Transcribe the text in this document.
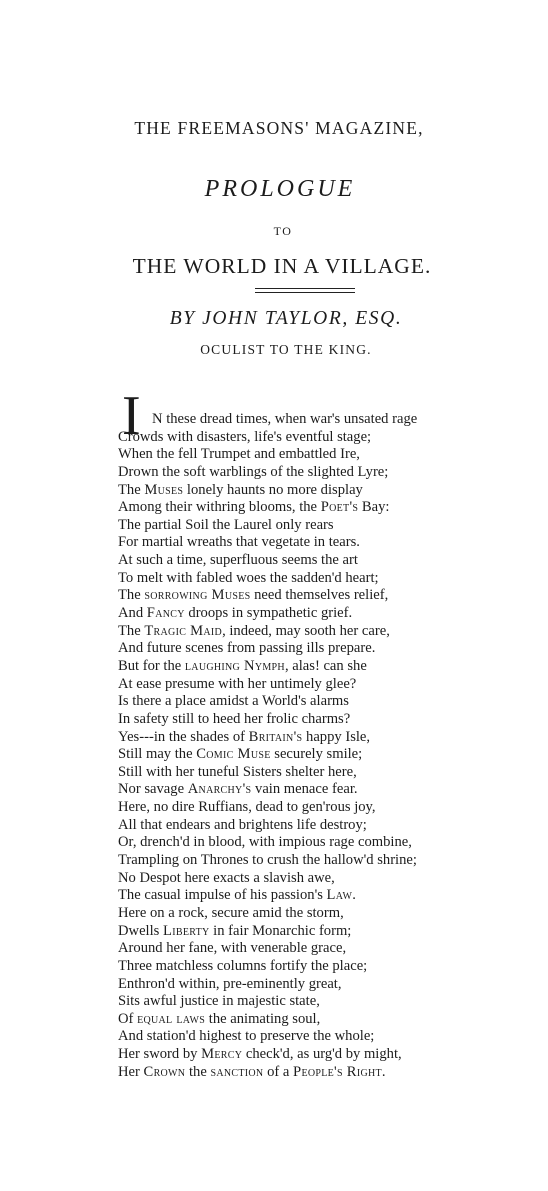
THE FREEMASONS' MAGAZINE,
PROLOGUE
TO
THE WORLD IN A VILLAGE.
BY JOHN TAYLOR, ESQ.
OCULIST TO THE KING.
I N these dread times, when war's unsated rage
Crowds with disasters, life's eventful stage;
When the fell Trumpet and embattled Ire,
Drown the soft warblings of the slighted Lyre;
The Muses lonely haunts no more display
Among their withring blooms, the Poet's Bay:
The partial Soil the Laurel only rears
For martial wreaths that vegetate in tears.
At such a time, superfluous seems the art
To melt with fabled woes the sadden'd heart;
The sorrowing Muses need themselves relief,
And Fancy droops in sympathetic grief.
The Tragic Maid, indeed, may sooth her care,
And future scenes from passing ills prepare.
But for the laughing Nymph, alas! can she
At ease presume with her untimely glee?
Is there a place amidst a World's alarms
In safety still to heed her frolic charms?
Yes---in the shades of Britain's happy Isle,
Still may the Comic Muse securely smile;
Still with her tuneful Sisters shelter here,
Nor savage Anarchy's vain menace fear.
Here, no dire Ruffians, dead to gen'rous joy,
All that endears and brightens life destroy;
Or, drench'd in blood, with impious rage combine,
Trampling on Thrones to crush the hallow'd shrine;
No Despot here exacts a slavish awe,
The casual impulse of his passion's Law.
Here on a rock, secure amid the storm,
Dwells Liberty in fair Monarchic form;
Around her fane, with venerable grace,
Three matchless columns fortify the place;
Enthron'd within, pre-eminently great,
Sits awful justice in majestic state,
Of equal laws the animating soul,
And station'd highest to preserve the whole;
Her sword by Mercy check'd, as urg'd by might,
Her Crown the sanction of a People's Right.
